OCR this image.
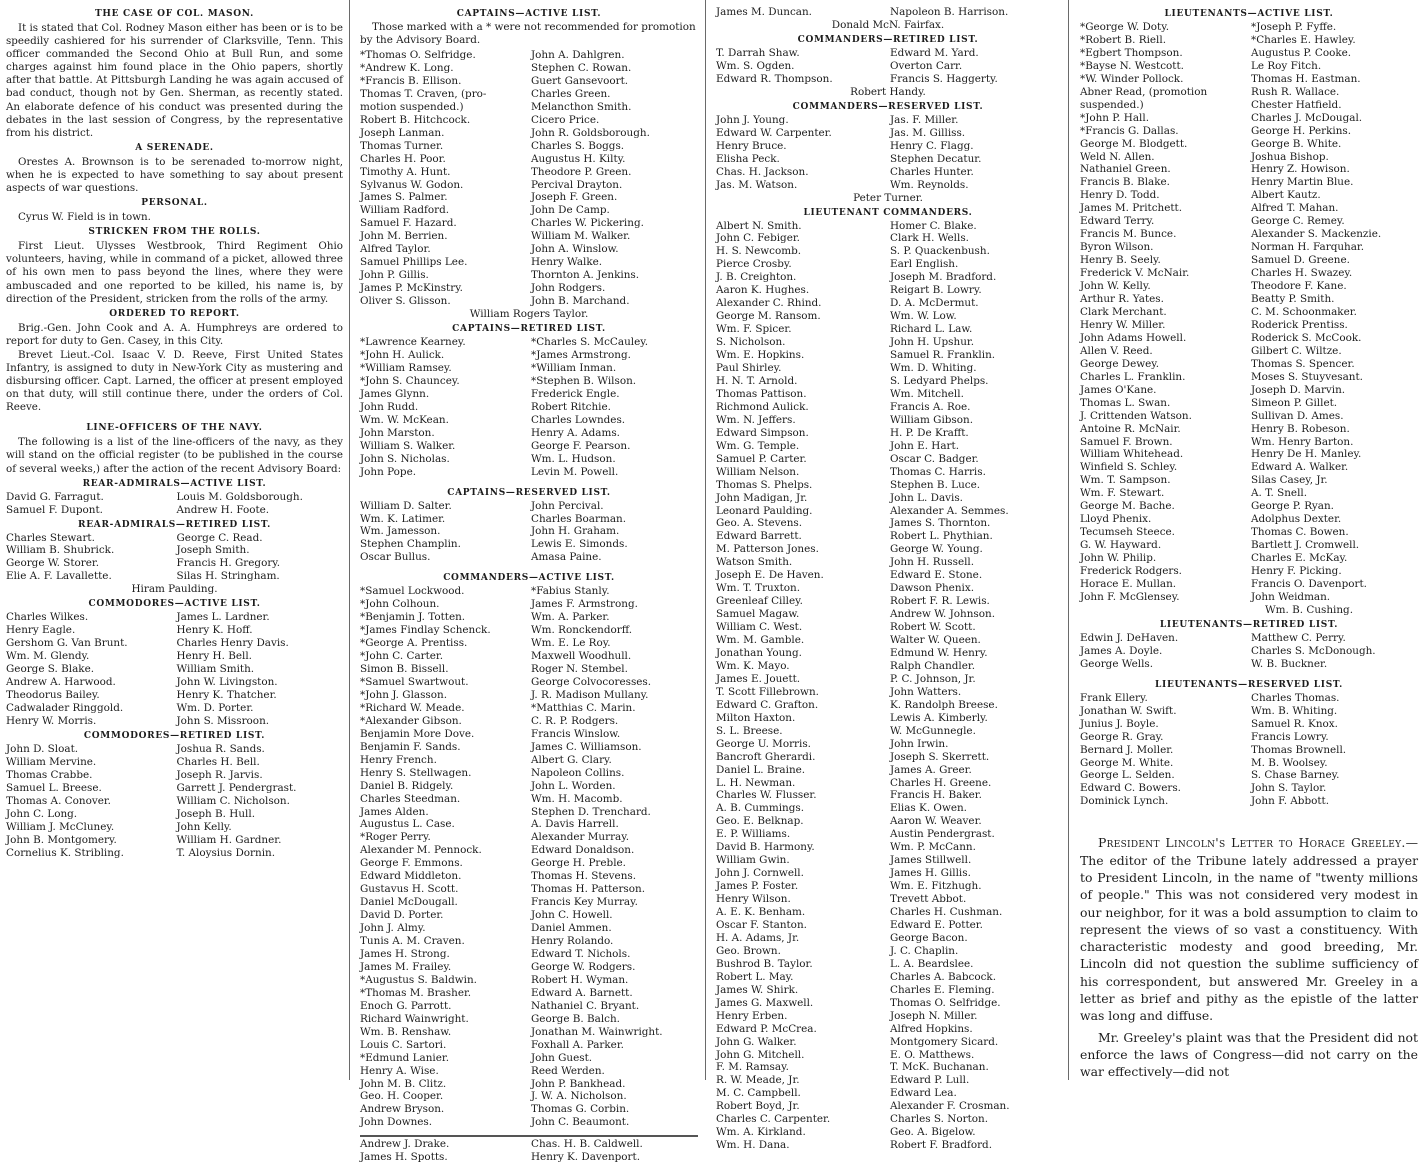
THE CASE OF COL. MASON.
It is stated that Col. Rodney Mason either has been or is to be speedily cashiered for his surrender of Clarksville, Tenn. This officer commanded the Second Ohio at Bull Run, and some charges against him found place in the Ohio papers, shortly after that battle. At Pittsburgh Landing he was again accused of bad conduct, though not by Gen. Sherman, as recently stated. An elaborate defence of his conduct was presented during the debates in the last session of Congress, by the representative from his district.
A SERENADE.
Orestes A. Brownson is to be serenaded to-morrow night, when he is expected to have something to say about present aspects of war questions.
PERSONAL.
Cyrus W. Field is in town.
STRICKEN FROM THE ROLLS.
First Lieut. Ulysses Westbrook, Third Regiment Ohio volunteers, having, while in command of a picket, allowed three of his own men to pass beyond the lines, where they were ambuscaded and one reported to be killed, his name is, by direction of the President, stricken from the rolls of the army.
ORDERED TO REPORT.
Brig.-Gen. John Cook and A. A. Humphreys are ordered to report for duty to Gen. Casey, in this City.
Brevet Lieut.-Col. Isaac V. D. Reeve, First United States Infantry, is assigned to duty in New-York City as mustering and disbursing officer. Capt. Larned, the officer at present employed on that duty, will still continue there, under the orders of Col. Reeve.
LINE-OFFICERS OF THE NAVY.
The following is a list of the line-officers of the navy, as they will stand on the official register (to be published in the course of several weeks,) after the action of the recent Advisory Board:
REAR-ADMIRALS—ACTIVE LIST.
David G. Farragut.	Louis M. Goldsborough.
Samuel F. Dupont.	Andrew H. Foote.
REAR-ADMIRALS—RETIRED LIST.
Charles Stewart.	George C. Read.
William B. Shubrick.	Joseph Smith.
George W. Storer.	Francis H. Gregory.
Elie A. F. Lavallette.	Silas H. Stringham.
Hiram Paulding.
COMMODORES—ACTIVE LIST.
Charles Wilkes.	James L. Lardner.
Henry Eagle.	Henry K. Hoff.
Gershom G. Van Brunt.	Charles Henry Davis.
Wm. M. Glendy.	Henry H. Bell.
George S. Blake.	William Smith.
Andrew A. Harwood.	John W. Livingston.
Theodorus Bailey.	Henry K. Thatcher.
Cadwalader Ringgold.	Wm. D. Porter.
Henry W. Morris.	John S. Missroon.
COMMODORES—RETIRED LIST.
John D. Sloat.	Joshua R. Sands.
William Mervine.	Charles H. Bell.
Thomas Crabbe.	Joseph R. Jarvis.
Samuel L. Breese.	Garrett J. Pendergrast.
Thomas A. Conover.	William C. Nicholson.
John C. Long.	Joseph B. Hull.
William J. McCluney.	John Kelly.
John B. Montgomery.	William H. Gardner.
Cornelius K. Stribling.	T. Aloysius Dornin.
CAPTAINS—ACTIVE LIST.
Those marked with a * were not recommended for promotion by the Advisory Board.
*Thomas O. Selfridge.	John A. Dahlgren.
*Andrew K. Long.	Stephen C. Rowan.
*Francis B. Ellison.	Guert Gansevoort.
Thomas T. Craven, (pro-	Charles Green.
motion suspended.)	Melancthon Smith.
Robert B. Hitchcock.	Cicero Price.
Joseph Lanman.	John R. Goldsborough.
Thomas Turner.	Charles S. Boggs.
Charles H. Poor.	Augustus H. Kilty.
Timothy A. Hunt.	Theodore P. Green.
Sylvanus W. Godon.	Percival Drayton.
James S. Palmer.	Joseph F. Green.
William Radford.	John De Camp.
Samuel F. Hazard.	Charles W. Pickering.
John M. Berrien.	William M. Walker.
Alfred Taylor.	John A. Winslow.
Samuel Phillips Lee.	Henry Walke.
John P. Gillis.	Thornton A. Jenkins.
James P. McKinstry.	John Rodgers.
Oliver S. Glisson.	John B. Marchand.
William Rogers Taylor.
CAPTAINS—RETIRED LIST.
*Lawrence Kearney.	*Charles S. McCauley.
*John H. Aulick.	*James Armstrong.
*William Ramsey.	*William Inman.
*John S. Chauncey.	*Stephen B. Wilson.
James Glynn.	Frederick Engle.
John Rudd.	Robert Ritchie.
Wm. W. McKean.	Charles Lowndes.
John Marston.	Henry A. Adams.
William S. Walker.	George F. Pearson.
John S. Nicholas.	Wm. L. Hudson.
John Pope.	Levin M. Powell.
CAPTAINS—RESERVED LIST.
William D. Salter.	John Percival.
Wm. K. Latimer.	Charles Boarman.
Wm. Jamesson.	John H. Graham.
Stephen Champlin.	Lewis E. Simonds.
Oscar Bullus.	Amasa Paine.
COMMANDERS—ACTIVE LIST.
*Samuel Lockwood.	*Fabius Stanly.
*John Colhoun.	James F. Armstrong.
*Benjamin J. Totten.	Wm. A. Parker.
*James Findlay Schenck.	Wm. Ronckendorff.
*George A. Prentiss.	Wm. E. Le Roy.
*John C. Carter.	Maxwell Woodhull.
Simon B. Bissell.	Roger N. Stembel.
*Samuel Swartwout.	George Colvocoresses.
*John J. Glasson.	J. R. Madison Mullany.
*Richard W. Meade.	*Matthias C. Marin.
*Alexander Gibson.	C. R. P. Rodgers.
Benjamin More Dove.	Francis Winslow.
Benjamin F. Sands.	James C. Williamson.
Henry French.	Albert G. Clary.
Henry S. Stellwagen.	Napoleon Collins.
Daniel B. Ridgely.	John L. Worden.
Charles Steedman.	Wm. H. Macomb.
James Alden.	Stephen D. Trenchard.
Augustus L. Case.	A. Davis Harrell.
*Roger Perry.	Alexander Murray.
Alexander M. Pennock.	Edward Donaldson.
George F. Emmons.	George H. Preble.
Edward Middleton.	Thomas H. Stevens.
Gustavus H. Scott.	Thomas H. Patterson.
Daniel McDougall.	Francis Key Murray.
David D. Porter.	John C. Howell.
John J. Almy.	Daniel Ammen.
Tunis A. M. Craven.	Henry Rolando.
James H. Strong.	Edward T. Nichols.
James M. Frailey.	George W. Rodgers.
*Augustus S. Baldwin.	Robert H. Wyman.
*Thomas M. Brasher.	Edward A. Barnett.
Enoch G. Parrott.	Nathaniel C. Bryant.
Richard Wainwright.	George B. Balch.
Wm. B. Renshaw.	Jonathan M. Wainwright.
Louis C. Sartori.	Foxhall A. Parker.
*Edmund Lanier.	John Guest.
Henry A. Wise.	Reed Werden.
John M. B. Clitz.	John P. Bankhead.
Geo. H. Cooper.	J. W. A. Nicholson.
Andrew Bryson.	Thomas G. Corbin.
John Downes.	John C. Beaumont.
Andrew J. Drake.	Chas. H. B. Caldwell.
James H. Spotts.	Henry K. Davenport.
James M. Duncan.	Napoleon B. Harrison.
Donald McN. Fairfax.
COMMANDERS—RETIRED LIST.
T. Darrah Shaw.	Edward M. Yard.
Wm. S. Ogden.	Overton Carr.
Edward R. Thompson.	Francis S. Haggerty.
Robert Handy.
COMMANDERS—RESERVED LIST.
John J. Young.	Jas. F. Miller.
Edward W. Carpenter.	Jas. M. Gilliss.
Henry Bruce.	Henry C. Flagg.
Elisha Peck.	Stephen Decatur.
Chas. H. Jackson.	Charles Hunter.
Jas. M. Watson.	Wm. Reynolds.
Peter Turner.
LIEUTENANT COMMANDERS.
Albert N. Smith.	Homer C. Blake.
John C. Febiger.	Clark H. Wells.
H. S. Newcomb.	S. P. Quackenbush.
Pierce Crosby.	Earl English.
J. B. Creighton.	Joseph M. Bradford.
Aaron K. Hughes.	Reigart B. Lowry.
Alexander C. Rhind.	D. A. McDermut.
George M. Ransom.	Wm. W. Low.
Wm. F. Spicer.	Richard L. Law.
S. Nicholson.	John H. Upshur.
Wm. E. Hopkins.	Samuel R. Franklin.
Paul Shirley.	Wm. D. Whiting.
H. N. T. Arnold.	S. Ledyard Phelps.
Thomas Pattison.	Wm. Mitchell.
Richmond Aulick.	Francis A. Roe.
Wm. N. Jeffers.	William Gibson.
Edward Simpson.	H. P. De Krafft.
Wm. G. Temple.	John E. Hart.
Samuel P. Carter.	Oscar C. Badger.
William Nelson.	Thomas C. Harris.
Thomas S. Phelps.	Stephen B. Luce.
John Madigan, Jr.	John L. Davis.
Leonard Paulding.	Alexander A. Semmes.
Geo. A. Stevens.	James S. Thornton.
Edward Barrett.	Robert L. Phythian.
M. Patterson Jones.	George W. Young.
Watson Smith.	John H. Russell.
Joseph E. De Haven.	Edward E. Stone.
Wm. T. Truxton.	Dawson Phenix.
Greenleaf Cilley.	Robert F. R. Lewis.
Samuel Magaw.	Andrew W. Johnson.
William C. West.	Robert W. Scott.
Wm. M. Gamble.	Walter W. Queen.
Jonathan Young.	Edmund W. Henry.
Wm. K. Mayo.	Ralph Chandler.
James E. Jouett.	P. C. Johnson, Jr.
T. Scott Fillebrown.	John Watters.
Edward C. Grafton.	K. Randolph Breese.
Milton Haxton.	Lewis A. Kimberly.
S. L. Breese.	W. McGunnegle.
George U. Morris.	John Irwin.
Bancroft Gherardi.	Joseph S. Skerrett.
Daniel L. Braine.	James A. Greer.
L. H. Newman.	Charles H. Greene.
Charles W. Flusser.	Francis H. Baker.
A. B. Cummings.	Elias K. Owen.
Geo. E. Belknap.	Aaron W. Weaver.
E. P. Williams.	Austin Pendergrast.
David B. Harmony.	Wm. P. McCann.
William Gwin.	James Stillwell.
John J. Cornwell.	James H. Gillis.
James P. Foster.	Wm. E. Fitzhugh.
Henry Wilson.	Trevett Abbot.
A. E. K. Benham.	Charles H. Cushman.
Oscar F. Stanton.	Edward E. Potter.
H. A. Adams, Jr.	George Bacon.
Geo. Brown.	J. C. Chaplin.
Bushrod B. Taylor.	L. A. Beardslee.
Robert L. May.	Charles A. Babcock.
James W. Shirk.	Charles E. Fleming.
James G. Maxwell.	Thomas O. Selfridge.
Henry Erben.	Joseph N. Miller.
Edward P. McCrea.	Alfred Hopkins.
John G. Walker.	Montgomery Sicard.
John G. Mitchell.	E. O. Matthews.
F. M. Ramsay.	T. McK. Buchanan.
R. W. Meade, Jr.	Edward P. Lull.
M. C. Campbell.	Edward Lea.
Robert Boyd, Jr.	Alexander F. Crosman.
Charles C. Carpenter.	Charles S. Norton.
Wm. A. Kirkland.	Geo. A. Bigelow.
Wm. H. Dana.	Robert F. Bradford.
LIEUTENANTS—ACTIVE LIST.
*George W. Doty.	*Joseph P. Fyffe.
*Robert B. Riell.	*Charles E. Hawley.
*Egbert Thompson.	Augustus P. Cooke.
*Bayse N. Westcott.	Le Roy Fitch.
*W. Winder Pollock.	Thomas H. Eastman.
Abner Read, (promotion	Rush R. Wallace.
suspended.)	Chester Hatfield.
*John P. Hall.	Charles J. McDougal.
*Francis G. Dallas.	George H. Perkins.
George M. Blodgett.	George B. White.
Weld N. Allen.	Joshua Bishop.
Nathaniel Green.	Henry Z. Howison.
Francis B. Blake.	Henry Martin Blue.
Henry D. Todd.	Albert Kautz.
James M. Pritchett.	Alfred T. Mahan.
Edward Terry.	George C. Remey.
Francis M. Bunce.	Alexander S. Mackenzie.
Byron Wilson.	Norman H. Farquhar.
Henry B. Seely.	Samuel D. Greene.
Frederick V. McNair.	Charles H. Swazey.
John W. Kelly.	Theodore F. Kane.
Arthur R. Yates.	Beatty P. Smith.
Clark Merchant.	C. M. Schoonmaker.
Henry W. Miller.	Roderick Prentiss.
John Adams Howell.	Roderick S. McCook.
Allen V. Reed.	Gilbert C. Wiltze.
George Dewey.	Thomas S. Spencer.
Charles L. Franklin.	Moses S. Stuyvesant.
James O'Kane.	Joseph D. Marvin.
Thomas L. Swan.	Simeon P. Gillet.
J. Crittenden Watson.	Sullivan D. Ames.
Antoine R. McNair.	Henry B. Robeson.
Samuel F. Brown.	Wm. Henry Barton.
William Whitehead.	Henry De H. Manley.
Winfield S. Schley.	Edward A. Walker.
Wm. T. Sampson.	Silas Casey, Jr.
Wm. F. Stewart.	A. T. Snell.
George M. Bache.	George P. Ryan.
Lloyd Phenix.	Adolphus Dexter.
Tecumseh Steece.	Thomas C. Bowen.
G. W. Hayward.	Bartlett J. Cromwell.
John W. Philip.	Charles E. McKay.
Frederick Rodgers.	Henry F. Picking.
Horace E. Mullan.	Francis O. Davenport.
John F. McGlensey.	John Weidman.
Wm. B. Cushing.
LIEUTENANTS—RETIRED LIST.
Edwin J. DeHaven.	Matthew C. Perry.
James A. Doyle.	Charles S. McDonough.
George Wells.	W. B. Buckner.
LIEUTENANTS—RESERVED LIST.
Frank Ellery.	Charles Thomas.
Jonathan W. Swift.	Wm. B. Whiting.
Junius J. Boyle.	Samuel R. Knox.
George R. Gray.	Francis Lowry.
Bernard J. Moller.	Thomas Brownell.
George M. White.	M. B. Woolsey.
George L. Selden.	S. Chase Barney.
Edward C. Bowers.	John S. Taylor.
Dominick Lynch.	John F. Abbott.
President Lincoln's Letter to Horace Greeley.—The editor of the Tribune lately addressed a prayer to President Lincoln, in the name of "twenty millions of people." This was not considered very modest in our neighbor, for it was a bold assumption to claim to represent the views of so vast a constituency. With characteristic modesty and good breeding, Mr. Lincoln did not question the sublime sufficiency of his correspondent, but answered Mr. Greeley in a letter as brief and pithy as the epistle of the latter was long and diffuse.
Mr. Greeley's plaint was that the President did not enforce the laws of Congress—did not carry on the war effectively—did not
